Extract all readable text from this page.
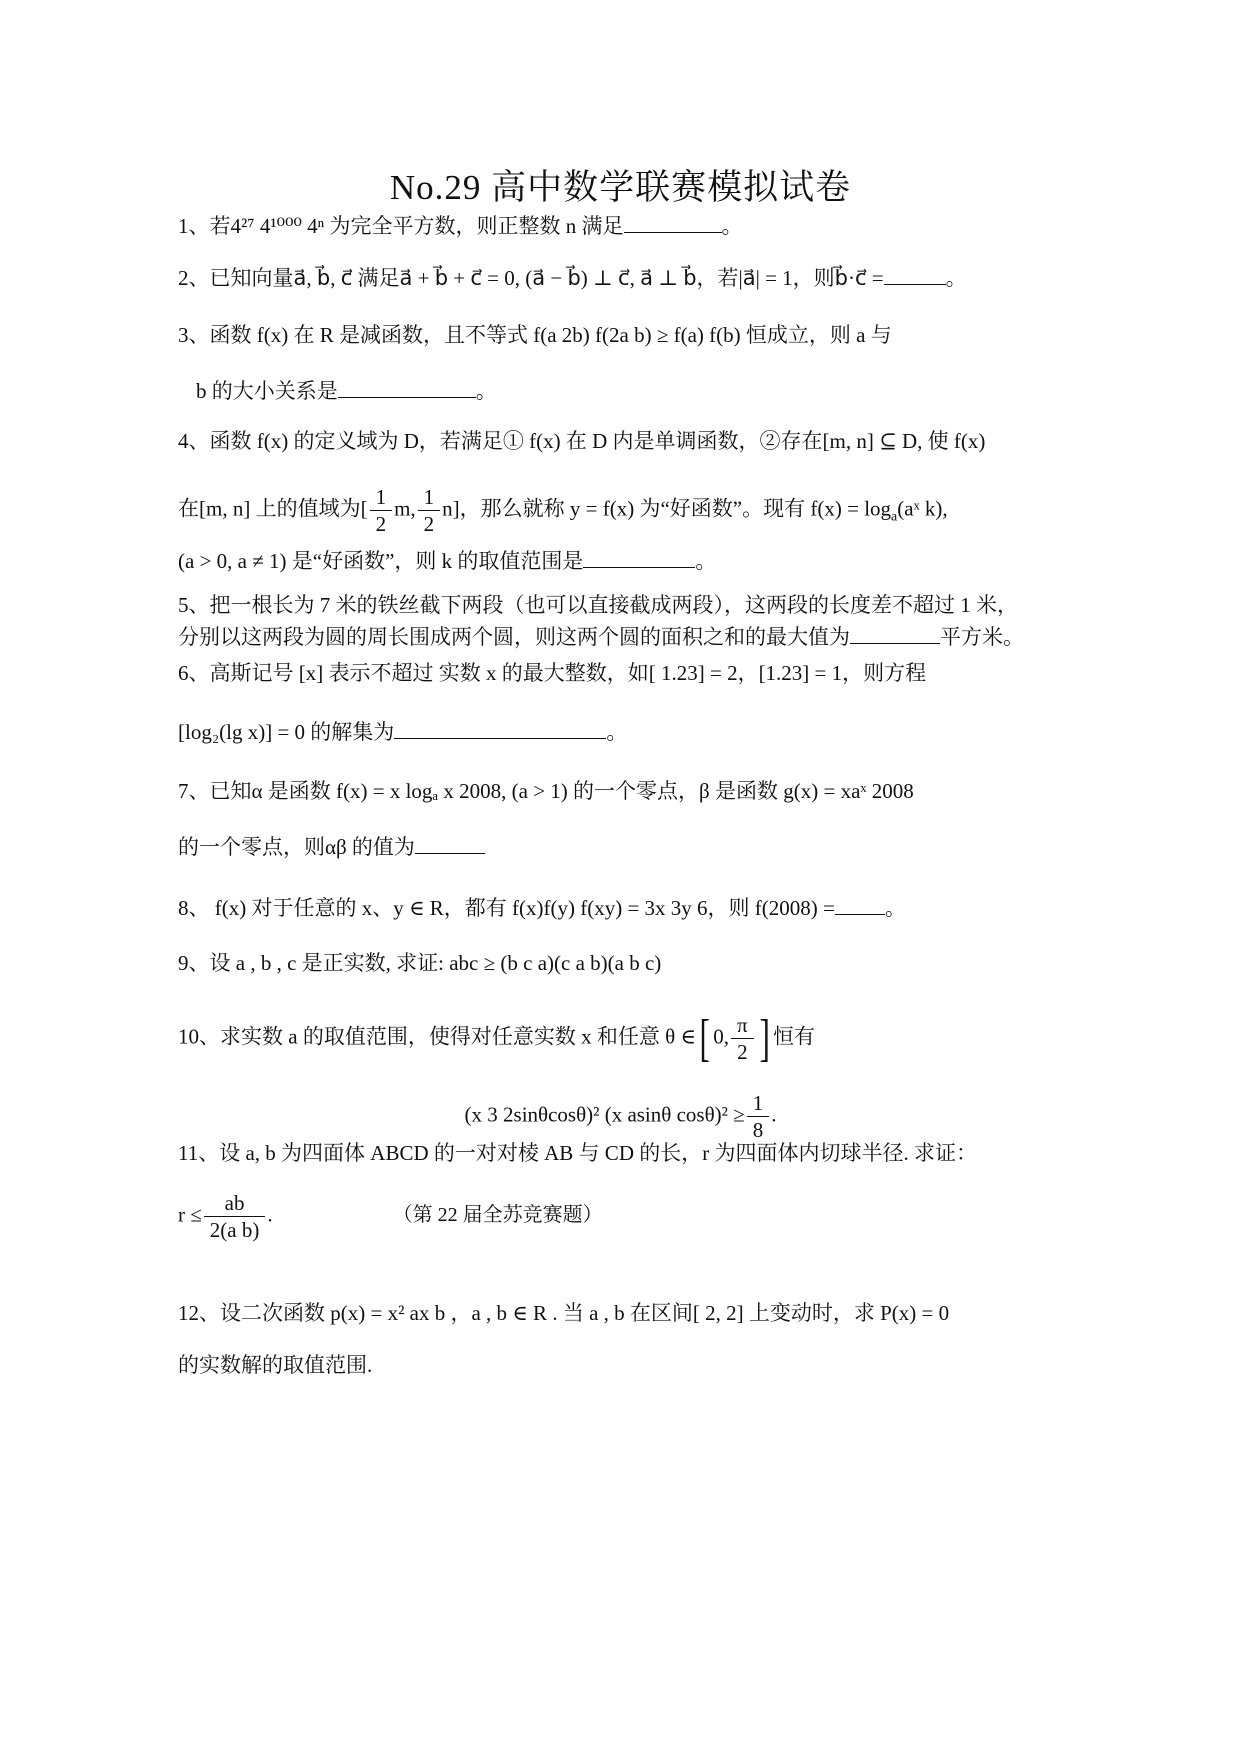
No.29 高中数学联赛模拟试卷
1、若4²⁷ 4¹⁰⁰⁰ 4ⁿ 为完全平方数，则正整数 n 满足	。
2、已知向量a⃗, b⃗, c⃗ 满足a⃗ + b⃗ + c⃗ = 0, (a⃗ − b⃗) ⊥ c⃗, a⃗ ⊥ b⃗，若|a⃗| = 1，则b⃗·c⃗ =	。
3、函数 f(x) 在 R 是减函数，且不等式 f(a 2b) f(2a b) ≥ f(a) f(b) 恒成立，则 a 与
b 的大小关系是	。
4、函数 f(x) 的定义域为 D，若满足① f(x) 在 D 内是单调函数，②存在[m, n] ⊆ D, 使 f(x)
在[m, n] 上的值域为[ $\frac{1}{2} m$, $\frac{1}{2} n$]，那么就称 y = f(x) 为“好函数”。现有 $f(x) = \log_a(aˣ$ k),
(a > 0, a ≠ 1) 是“好函数”，则 k 的取值范围是	。
5、把一根长为 7 米的铁丝截下两段（也可以直接截成两段），这两段的长度差不超过 1 米，
分别以这两段为圆的周长围成两个圆，则这两个圆的面积之和的最大值为	平方米。
6、高斯记号 [x] 表示不超过 实数 x 的最大整数，如[ 1.23] = 2，[1.23] = 1，则方程
[log₂(lg x)] = 0 的解集为	。
7、已知α 是函数 f(x) = x logₐ x 2008, (a > 1) 的一个零点，β 是函数 g(x) = xaˣ 2008
的一个零点，则αβ 的值为
8、 f(x) 对于任意的 x、y ∈ R，都有 f(x)f(y) f(xy) = 3x 3y 6，则 f(2008) = 。
9、设 a , b , c 是正实数, 求证: abc ≥ (b c a)(c a b)(a b c)
10、求实数 a 的取值范围，使得对任意实数 x 和任意 θ ∈[ 0, $\frac{\pi}{2}$ ] 恒有
(x 3 2sinθcosθ)² (x asinθ $\cos\theta)^2 \ge \frac{1}{8}$ .
11、设 a, b 为四面体 ABCD 的一对对棱 AB 与 CD 的长，r 为四面体内切球半径. 求证：
$r \le \frac{ab}{\text{2(a b)}}$ .	（第 22 届全苏竞赛题）
12、设二次函数 p(x) = x² ax b ，a , b ∈ R . 当 a , b 在区间[ 2, 2] 上变动时，求 P(x) = 0
的实数解的取值范围.
